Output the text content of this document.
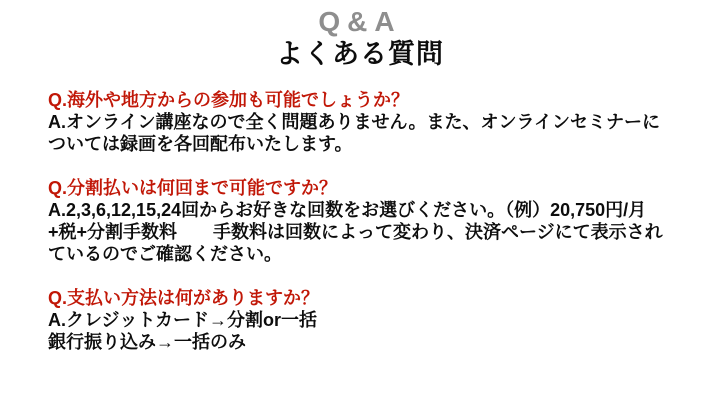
Q&A
よくある質問
Q.海外や地方からの参加も可能でしょうか？
A.オンライン講座なので全く問題ありません。また、オンラインセミナーに
ついては録画を各回配布いたします。
Q.分割払いは何回まで可能ですか？
A.2,3,6,12,15,24回からお好きな回数をお選びください。（例）20,750円/月
+税+分割手数料　　手数料は回数によって変わり、決済ページにて表示され
ているのでご確認ください。
Q.支払い方法は何がありますか？
A.クレジットカード→分割or一括
銀行振り込み→一括のみ
